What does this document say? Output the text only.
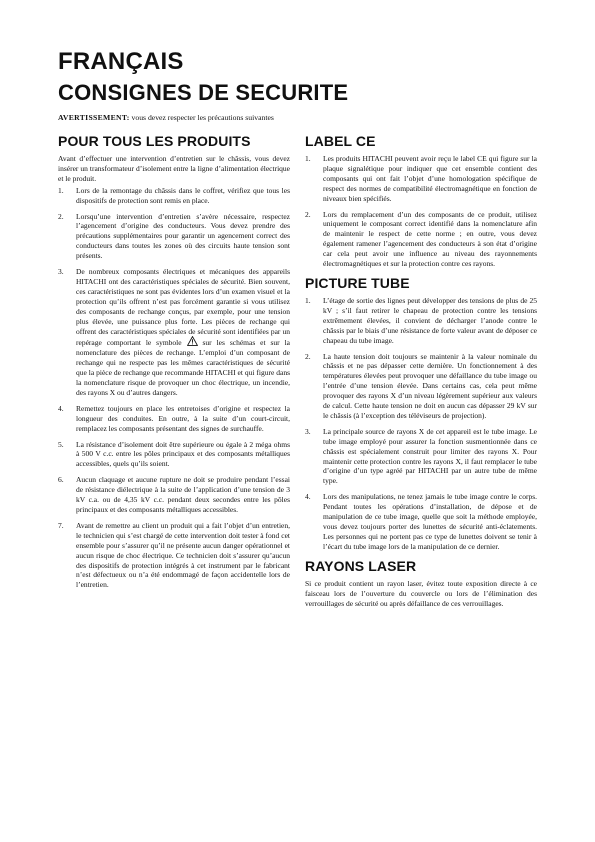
FRANÇAIS
CONSIGNES DE SECURITE
AVERTISSEMENT: vous devez respecter les précautions suivantes
POUR TOUS LES PRODUITS

Avant d’effectuer une intervention d’entretien sur le châssis, vous devez insérer un transformateur d’isolement entre la ligne d’alimentation électrique et le produit.

1.	Lors de la remontage du châssis dans le coffret, vérifiez que tous les dispositifs de protection sont remis en place.
2.	Lorsqu’une intervention d’entretien s’avère nécessaire, respectez l’agencement d’origine des conducteurs. Vous devez prendre des précautions supplémentaires pour garantir un agencement correct des conducteurs dans toutes les zones où des circuits haute tension sont présents.
3.	De nombreux composants électriques et mécaniques des appareils HITACHI ont des caractéristiques spéciales de sécurité. Bien souvent, ces caractéristiques ne sont pas évidentes lors d’un examen visuel et la protection qu’ils offrent n’est pas forcément garantie si vous utilisez des composants de rechange conçus, par exemple, pour une tension plus élevée, une puissance plus forte. Les pièces de rechange qui offrent des caractéristiques spéciales de sécurité sont identifiées par un repérage comportant le symbole	sur les schémas et sur la nomenclature des pièces de rechange. L’emploi d’un composant de rechange qui ne respecte pas les mêmes caractéristiques de sécurité que la pièce de rechange que recommande HITACHI et qui figure dans la nomenclature risque de provoquer un choc électrique, un incendie, des rayons X ou d’autres dangers.
4.	Remettez toujours en place les entretoises d’origine et respectez la longueur des conduites. En outre, à la suite d’un court-circuit, remplacez les composants présentant des signes de surchauffe.
5.	La résistance d’isolement doit être supérieure ou égale à 2 méga ohms à 500 V c.c. entre les pôles principaux et des composants métalliques accessibles, quels qu’ils soient.
6.	Aucun claquage et aucune rupture ne doit se produire pendant l’essai de résistance diélectrique à la suite de l’application d’une tension de 3 kV c.a. ou de 4,35 kV c.c. pendant deux secondes entre les pôles principaux et des composants métalliques accessibles.
7.	Avant de remettre au client un produit qui a fait l’objet d’un entretien, le technicien qui s’est chargé de cette intervention doit tester à fond cet ensemble pour s’assurer qu’il ne présente aucun danger opérationnel et aucun risque de choc électrique. Ce technicien doit s’assurer qu’aucun des dispositifs de protection intégrés à cet instrument par le fabricant n’est défectueux ou n’a été endommagé de façon accidentelle lors de l’entretien.
LABEL CE
1.	Les produits HITACHI peuvent avoir reçu le label CE qui figure sur la plaque signalétique pour indiquer que cet ensemble contient des composants qui ont fait l’objet d’une homologation spécifique de respect des normes de compatibilité électromagnétique en fonction de niveaux bien spécifiés.
2.	Lors du remplacement d’un des composants de ce produit, utilisez uniquement le composant correct identifié dans la nomenclature afin de maintenir le respect de cette norme ; en outre, vous devez également ramener l’agencement des conducteurs à son état d’origine car cela peut avoir une influence au niveau des rayonnements électromagnétiques et sur la protection contre ces rayons.
PICTURE TUBE
1.	L’étage de sortie des lignes peut développer des tensions de plus de 25 kV ; s’il faut retirer le chapeau de protection contre les tensions extrêmement élevées, il convient de décharger l’anode contre le châssis par le biais d’une résistance de forte valeur avant de déposer ce chapeau du tube image.
2.	La haute tension doit toujours se maintenir à la valeur nominale du châssis et ne pas dépasser cette dernière. Un fonctionnement à des températures élevées peut provoquer une défaillance du tube image ou l’entrée d’une tension élevée. Dans certains cas, cela peut même provoquer des rayons X d’un niveau légèrement supérieur aux valeurs de calcul. Cette haute tension ne doit en aucun cas dépasser 29 kV sur le châssis (à l’exception des téléviseurs de projection).
3.	La principale source de rayons X de cet appareil est le tube image. Le tube image employé pour assurer la fonction susmentionnée dans ce châssis est spécialement construit pour limiter des rayons X. Pour maintenir cette protection contre les rayons X, il faut remplacer le tube d’origine d’un type agréé par HITACHI par un autre tube de même type.
4.	Lors des manipulations, ne tenez jamais le tube image contre le corps. Pendant toutes les opérations d’installation, de dépose et de manipulation de ce tube image, quelle que soit la méthode employée, vous devez toujours porter des lunettes de sécurité anti-éclatements. Les personnes qui ne portent pas ce type de lunettes doivent se tenir à l’écart du tube image lors de la manipulation de ce dernier.
RAYONS LASER

Si ce produit contient un rayon laser, évitez toute exposition directe à ce faisceau lors de l’ouverture du couvercle ou lors de l’élimination des verrouillages de sécurité ou après défaillance de ces verrouillages.
